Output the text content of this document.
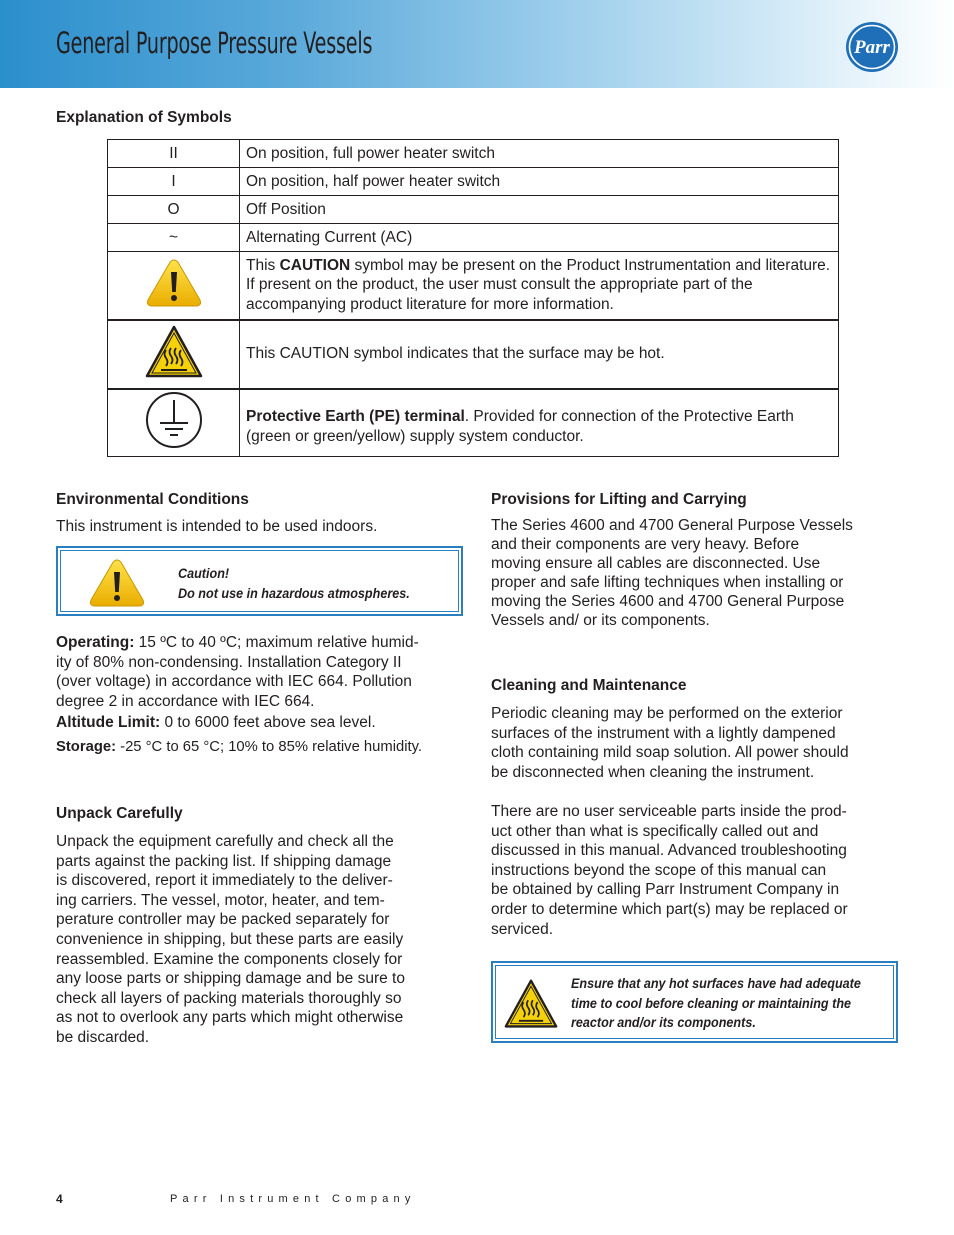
General Purpose Pressure Vessels	Parr
Explanation of Symbols
II	On position, full power heater switch
I	On position, half power heater switch
O	Off Position
~	Alternating Current (AC)
	This CAUTION symbol may be present on the Product Instrumentation and literature. If present on the product, the user must consult the appropriate part of the accompanying product literature for more information.
	This CAUTION symbol indicates that the surface may be hot.
	Protective Earth (PE) terminal. Provided for connection of the Protective Earth (green or green/yellow) supply system conductor.
Environmental Conditions
This instrument is intended to be used indoors.
Caution!
Do not use in hazardous atmospheres.
Operating: 15 ºC to 40 ºC; maximum relative humid-
ity of 80% non-condensing. Installation Category II
(over voltage) in accordance with IEC 664. Pollution
degree 2 in accordance with IEC 664.
Altitude Limit: 0 to 6000 feet above sea level.
Storage: -25 °C to 65 °C; 10% to 85% relative humidity.
Unpack Carefully
Unpack the equipment carefully and check all the
parts against the packing list. If shipping damage
is discovered, report it immediately to the deliver-
ing carriers. The vessel, motor, heater, and tem-
perature controller may be packed separately for
convenience in shipping, but these parts are easily
reassembled. Examine the components closely for
any loose parts or shipping damage and be sure to
check all layers of packing materials thoroughly so
as not to overlook any parts which might otherwise
be discarded.
Provisions for Lifting and Carrying
The Series 4600 and 4700 General Purpose Vessels
and their components are very heavy. Before
moving ensure all cables are disconnected. Use
proper and safe lifting techniques when installing or
moving the Series 4600 and 4700 General Purpose
Vessels and/ or its components.
Cleaning and Maintenance
Periodic cleaning may be performed on the exterior
surfaces of the instrument with a lightly dampened
cloth containing mild soap solution. All power should
be disconnected when cleaning the instrument.
There are no user serviceable parts inside the prod-
uct other than what is specifically called out and
discussed in this manual. Advanced troubleshooting
instructions beyond the scope of this manual can
be obtained by calling Parr Instrument Company in
order to determine which part(s) may be replaced or
serviced.
Ensure that any hot surfaces have had adequate
time to cool before cleaning or maintaining the
reactor and/or its components.
4	Parr Instrument Company
